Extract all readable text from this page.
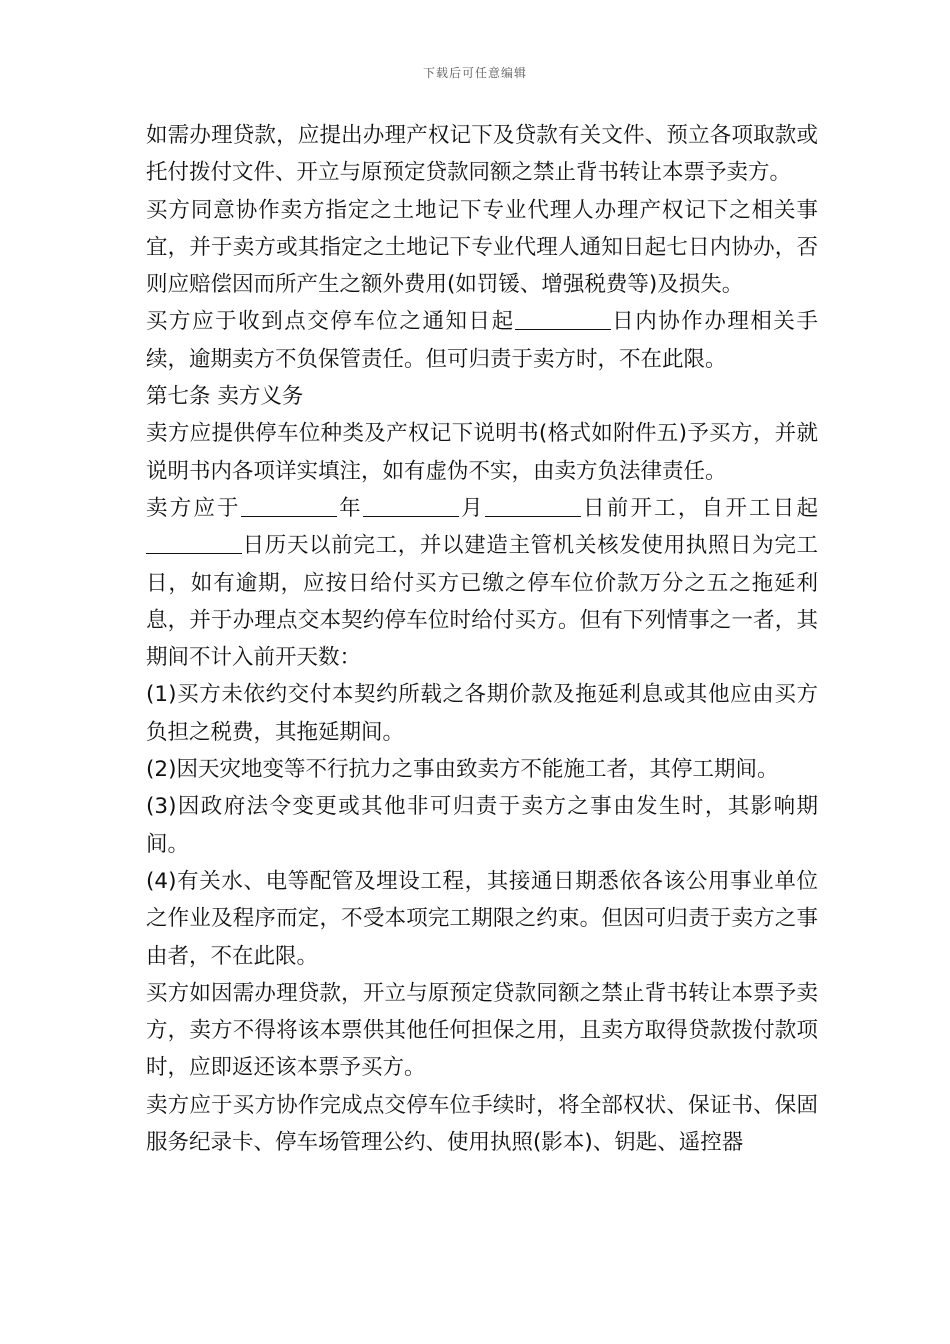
下载后可任意编辑

如需办理贷款，应提出办理产权记下及贷款有关文件、预立各项取款或托付拨付文件、开立与原预定贷款同额之禁止背书转让本票予卖方。

买方同意协作卖方指定之土地记下专业代理人办理产权记下之相关事宜，并于卖方或其指定之土地记下专业代理人通知日起七日内协办，否则应赔偿因而所产生之额外费用(如罚锾、增强税费等)及损失。

买方应于收到点交停车位之通知日起	日内协作办理相关手续，逾期卖方不负保管责任。但可归责于卖方时，不在此限。

第七条 卖方义务

卖方应提供停车位种类及产权记下说明书(格式如附件五)予买方，并就说明书内各项详实填注，如有虚伪不实，由卖方负法律责任。

卖方应于	年	月	日前开工，自开工日起日历天以前完工，并以建造主管机关核发使用执照日为完工日，如有逾期，应按日给付买方已缴之停车位价款万分之五之拖延利息，并于办理点交本契约停车位时给付买方。但有下列情事之一者，其期间不计入前开天数：

(1)买方未依约交付本契约所载之各期价款及拖延利息或其他应由买方负担之税费，其拖延期间。

(2)因天灾地变等不行抗力之事由致卖方不能施工者，其停工期间。

(3)因政府法令变更或其他非可归责于卖方之事由发生时，其影响期间。

(4)有关水、电等配管及埋设工程，其接通日期悉依各该公用事业单位之作业及程序而定，不受本项完工期限之约束。但因可归责于卖方之事由者，不在此限。

买方如因需办理贷款，开立与原预定贷款同额之禁止背书转让本票予卖方，卖方不得将该本票供其他任何担保之用，且卖方取得贷款拨付款项时，应即返还该本票予买方。

卖方应于买方协作完成点交停车位手续时，将全部权状、保证书、保固服务纪录卡、停车场管理公约、使用执照(影本)、钥匙、遥控器
